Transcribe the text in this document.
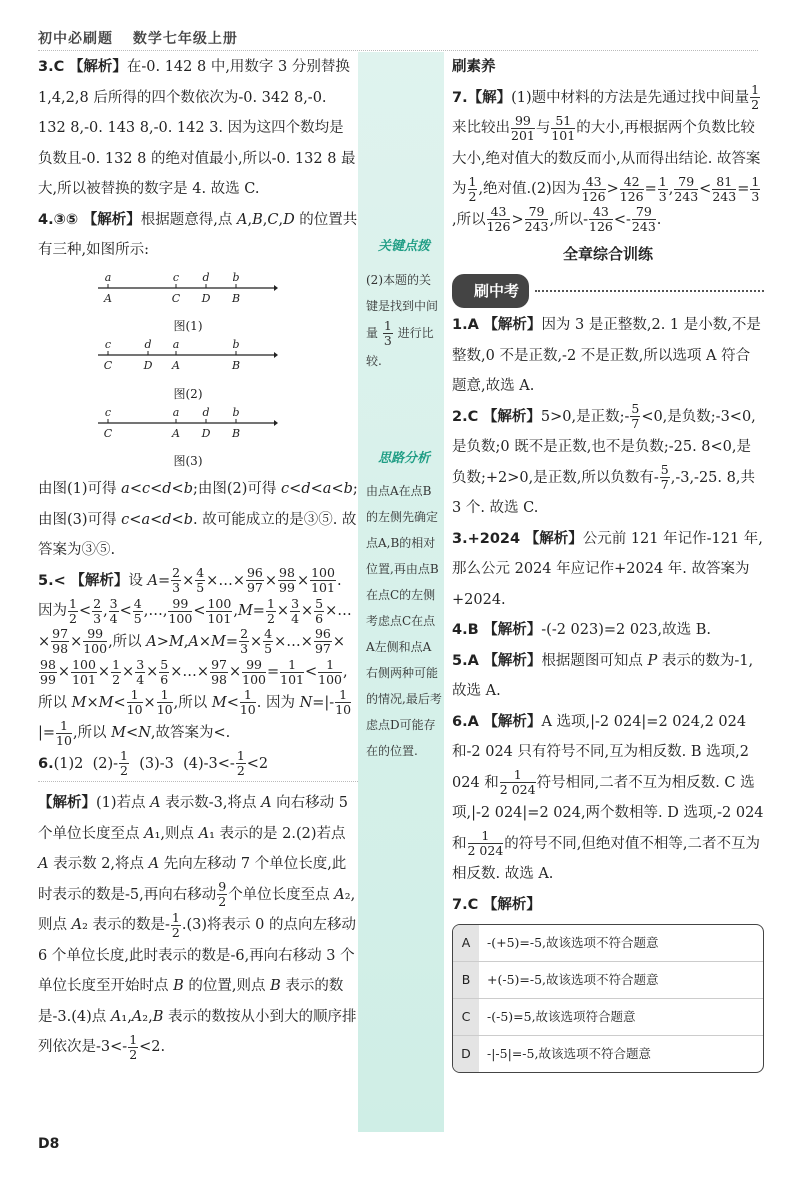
初中必刷题 数学七年级上册

3.C 【解析】在-0. 142 8 中,用数字 3 分别替换 1,4,2,8 后所得的四个数依次为-0. 342 8,-0. 132 8,-0. 143 8,-0. 142 3. 因为这四个数均是负数且-0. 132 8 的绝对值最小,所以-0. 132 8 最大,所以被替换的数字是 4. 故选 C.

4.③⑤ 【解析】根据题意得,点 A,B,C,D 的位置共有三种,如图所示:

a
A
c
C
d
D
b
B
图(1)
c
C
d
D
a
A
b
B
图(2)
c
C
a
A
d
D
b
B
图(3)

由图(1)可得 a<c<d<b;由图(2)可得 c<d<a<b;由图(3)可得 c<a<d<b. 故可能成立的是③⑤. 故答案为③⑤.

5.< 【解析】设 $A= \frac{2}{3} \times \frac{4}{5}$ ×…× $\frac{96}{97} \times \frac{98}{99} \times \frac{100}{101}$ . 因为 $\frac{1}{2} < \frac{2}{3}$ , $\frac{3}{4} < \frac{4}{5}$ ,…, $\frac{99}{100} < \frac{100}{101} ,M= \frac{1}{2} \times \frac{3}{4} \times \frac{5}{6}$ ×…× $\frac{97}{98} \times \frac{99}{100}$ ,所以 $A>M,A\times M= \frac{2}{3} \times \frac{4}{5}$ ×…× $\frac{96}{97}$ ×
$\frac{98}{99} \times \frac{100}{101} \times \frac{1}{2} \times \frac{3}{4} \times \frac{5}{6}$ ×…× $\frac{97}{98} \times \frac{99}{100} = \frac{1}{101} < \frac{1}{100}$ ,所以 $M\times M< \frac{1}{10} \times \frac{1}{10}$ ,所以 $M< \frac{1}{10}$ . 因为 $N=|- \frac{1}{10}$
|= $\frac{1}{10}$ ,所以 M<N,故答案为<.

6.(1)2  $(2)- \frac{1}{2} (3)-3$  $(4)-3<- \frac{1}{2} <2$

【解析】(1)若点 A 表示数-3,将点 A 向右移动 5 个单位长度至点 A₁,则点 A₁ 表示的是 2.(2)若点 A 表示数 2,将点 A 先向左移动 7 个单位长度,此时表示的数是-5,再向右移动 $\frac{9}{2}$ 个单位长度至点 A₂,则点 A₂ 表示的数是- $\frac{1}{2} .(3)$将表示 0 的点向左移动 6 个单位长度,此时表示的数是-6,再向右移动 3 个单位长度至开始时点 B 的位置,则点 B 表示的数是-3.(4)点 A₁,A₂,B 表示的数按从小到大的顺序排列依次是$-3<- \frac{1}{2} <2$.

关键点拨

(2)本题的关键是找到中间量 $\frac{1}{3}$ 进行比较.

思路分析

由点A在点B的左侧先确定点A,B的相对位置,再由点B在点C的左侧考虑点C在点A左侧和点A右侧两种可能的情况,最后考虑点D可能存在的位置.
刷素养

7.【解】(1)题中材料的方法是先通过找中间量 $\frac{1}{2}$
来比较出 $\frac{99}{201}$ 与 $\frac{51}{101}$ 的大小,再根据两个负数比较大小,绝对值大的数反而小,从而得出结论. 故答案为 $\frac{1}{2}$ ,绝对值.(2)因为 $\frac{43}{126} > \frac{42}{126} = \frac{1}{3}$ , $\frac{79}{243} < \frac{81}{243} = \frac{1}{3}$
,所以 $\frac{43}{126} > \frac{79}{243}$ ,所以- $\frac{43}{126} <- \frac{79}{243}$ .

全章综合训练
刷中考

1.A 【解析】因为 3 是正整数,2. 1 是小数,不是整数,0 不是正数,-2 不是正数,所以选项 A 符合题意,故选 A.

2.C 【解析】5>0,是正数;- $\frac{5}{7} <0$,是负数;-3<0,是负数;0 既不是正数,也不是负数;-25. 8<0,是负数;+2>0,是正数,所以负数有- $\frac{5}{7} ,-3,-25$. 8,共 3 个. 故选 C.

3.+2024 【解析】公元前 121 年记作-121 年,那么公元 2024 年应记作+2024 年. 故答案为+2024.

4.B 【解析】-(-2 023)=2 023,故选 B.

5.A 【解析】根据题图可知点 P 表示的数为-1,故选 A.

6.A 【解析】A 选项,|-2 024|=2 024,2 024 和-2 024 只有符号不同,互为相反数. B 选项,2 024 和 $\frac{1}{2 024}$ 符号相同,二者不互为相反数. C 选项,|-2 024|=2 024,两个数相等. D 选项,-2 024 和 $\frac{1}{2 024}$ 的符号不同,但绝对值不相等,二者不互为相反数. 故选 A.

7.C 【解析】

A	-(+5)=-5,故该选项不符合题意
B	+(-5)=-5,故该选项不符合题意
C	-(-5)=5,故该选项符合题意
D	-|-5|=-5,故该选项不符合题意
D8
